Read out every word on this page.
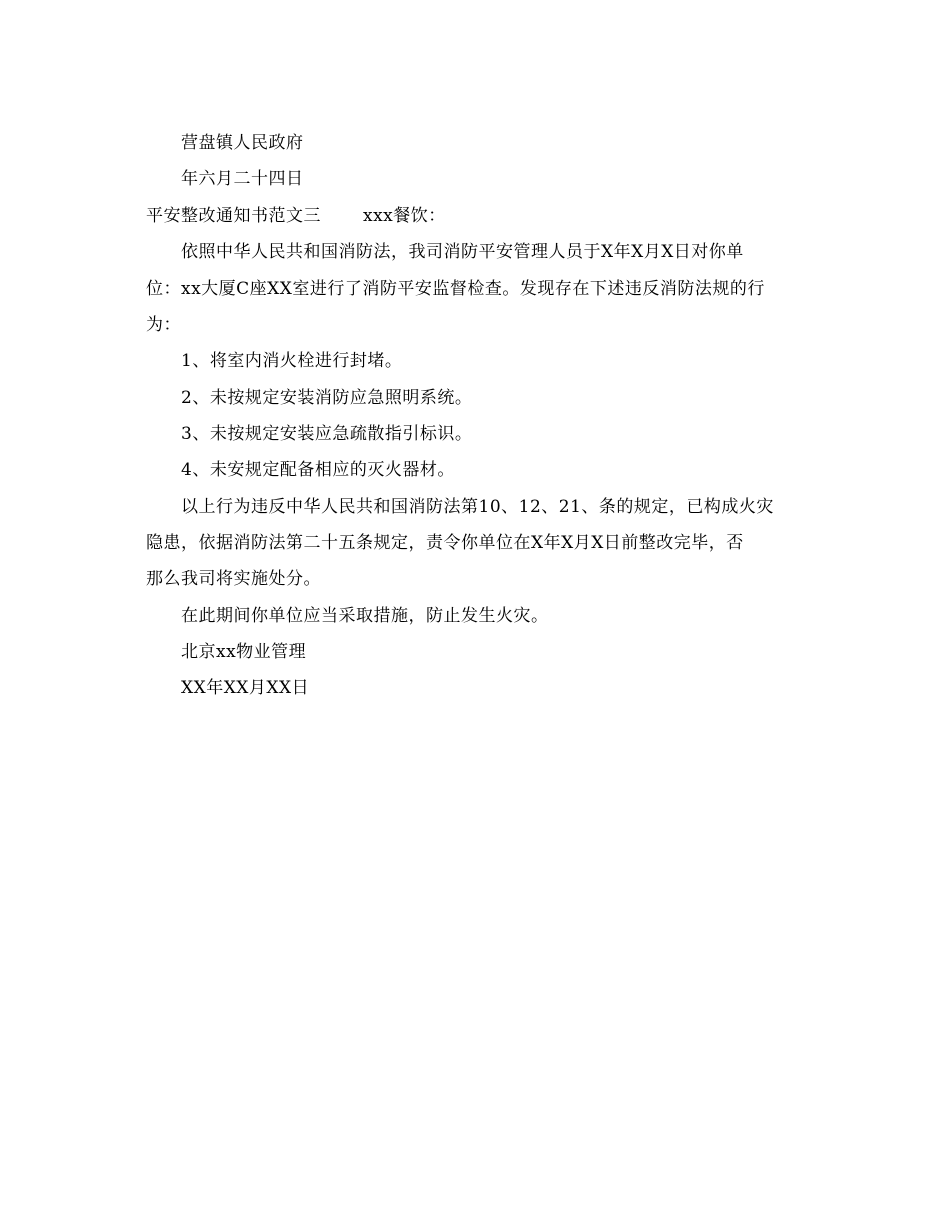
营盘镇人民政府
年六月二十四日
平安整改通知书范文三 xxx餐饮：
依照中华人民共和国消防法，我司消防平安管理人员于X年X月X日对你单
位：xx大厦C座XX室进行了消防平安监督检查。发现存在下述违反消防法规的行
为：
1、将室内消火栓进行封堵。
2、未按规定安装消防应急照明系统。
3、未按规定安装应急疏散指引标识。
4、未安规定配备相应的灭火器材。
以上行为违反中华人民共和国消防法第10、12、21、条的规定，已构成火灾
隐患，依据消防法第二十五条规定，责令你单位在X年X月X日前整改完毕，否
那么我司将实施处分。
在此期间你单位应当采取措施，防止发生火灾。
北京xx物业管理
XX年XX月XX日
